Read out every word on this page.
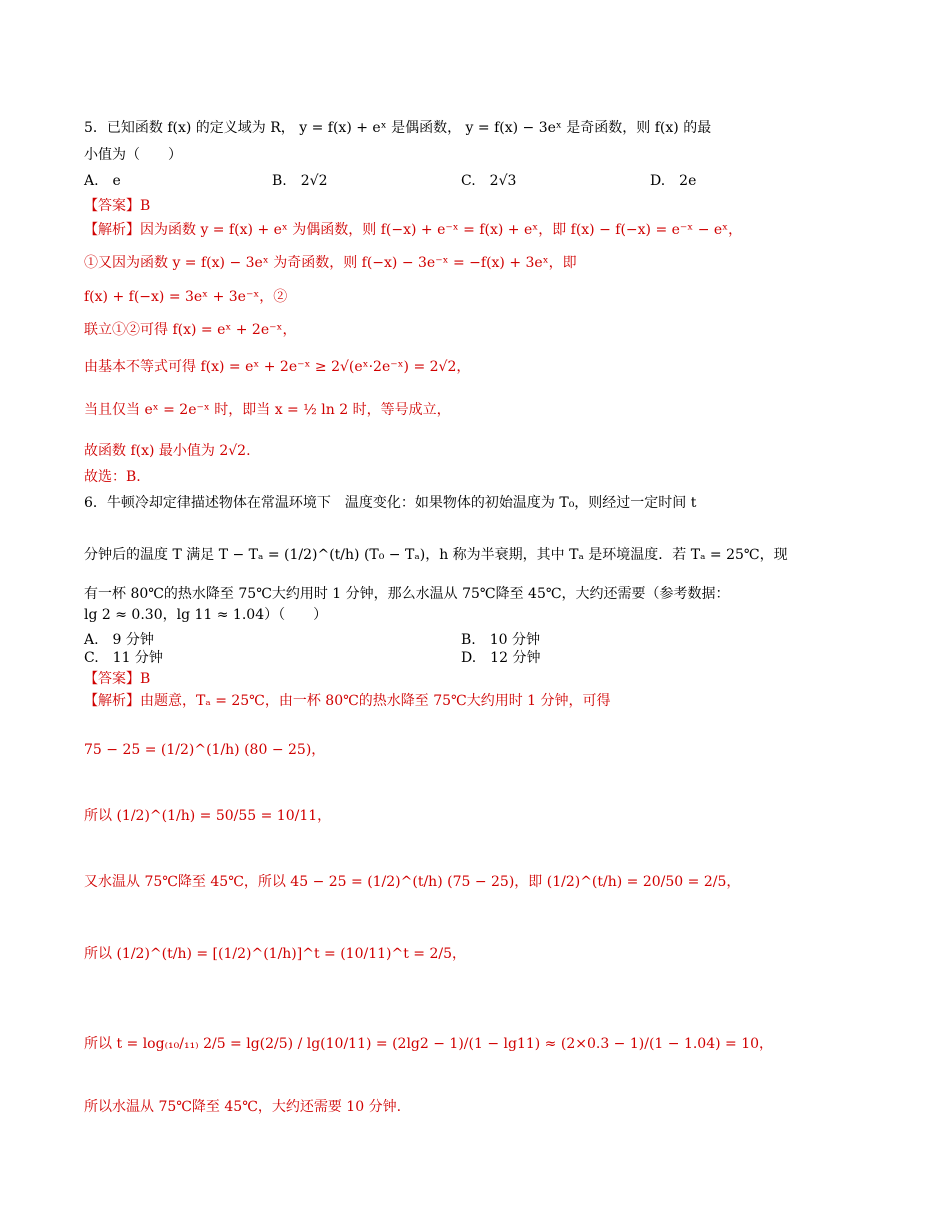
5．已知函数 f(x) 的定义域为 R， y = f(x) + eˣ 是偶函数， y = f(x) − 3eˣ 是奇函数，则 f(x) 的最
小值为（　　）
A.　e	B.　2√2	C.　2√3	D.　2e
【答案】B
【解析】因为函数 y = f(x) + eˣ 为偶函数，则 f(−x) + e⁻ˣ = f(x) + eˣ，即 f(x) − f(−x) = e⁻ˣ − eˣ，
①又因为函数 y = f(x) − 3eˣ 为奇函数，则 f(−x) − 3e⁻ˣ = −f(x) + 3eˣ，即
f(x) + f(−x) = 3eˣ + 3e⁻ˣ，②
联立①②可得 f(x) = eˣ + 2e⁻ˣ，
由基本不等式可得 f(x) = eˣ + 2e⁻ˣ ≥ 2√(eˣ·2e⁻ˣ) = 2√2，
当且仅当 eˣ = 2e⁻ˣ 时，即当 x = ½ ln 2 时，等号成立，
故函数 f(x) 最小值为 2√2.
故选：B.
6．牛顿冷却定律描述物体在常温环境下　温度变化：如果物体的初始温度为 T₀，则经过一定时间 t
分钟后的温度 T 满足 T − Tₐ = (1/2)^(t/h) (T₀ − Tₐ)，h 称为半衰期，其中 Tₐ 是环境温度．若 Tₐ = 25℃，现
有一杯 80℃的热水降至 75℃大约用时 1 分钟，那么水温从 75℃降至 45℃，大约还需要（参考数据：
lg 2 ≈ 0.30，lg 11 ≈ 1.04）（　　）
A.　9 分钟	B.　10 分钟
C.　11 分钟	D.　12 分钟
【答案】B
【解析】由题意，Tₐ = 25℃，由一杯 80℃的热水降至 75℃大约用时 1 分钟，可得
75 − 25 = (1/2)^(1/h) (80 − 25)，
所以 (1/2)^(1/h) = 50/55 = 10/11，
又水温从 75℃降至 45℃，所以 45 − 25 = (1/2)^(t/h) (75 − 25)，即 (1/2)^(t/h) = 20/50 = 2/5，
所以 (1/2)^(t/h) = [(1/2)^(1/h)]^t = (10/11)^t = 2/5，
所以 t = log₍₁₀/₁₁₎ 2/5 = lg(2/5) / lg(10/11) = (2lg2 − 1)/(1 − lg11) ≈ (2×0.3 − 1)/(1 − 1.04) = 10，
所以水温从 75℃降至 45℃，大约还需要 10 分钟.
